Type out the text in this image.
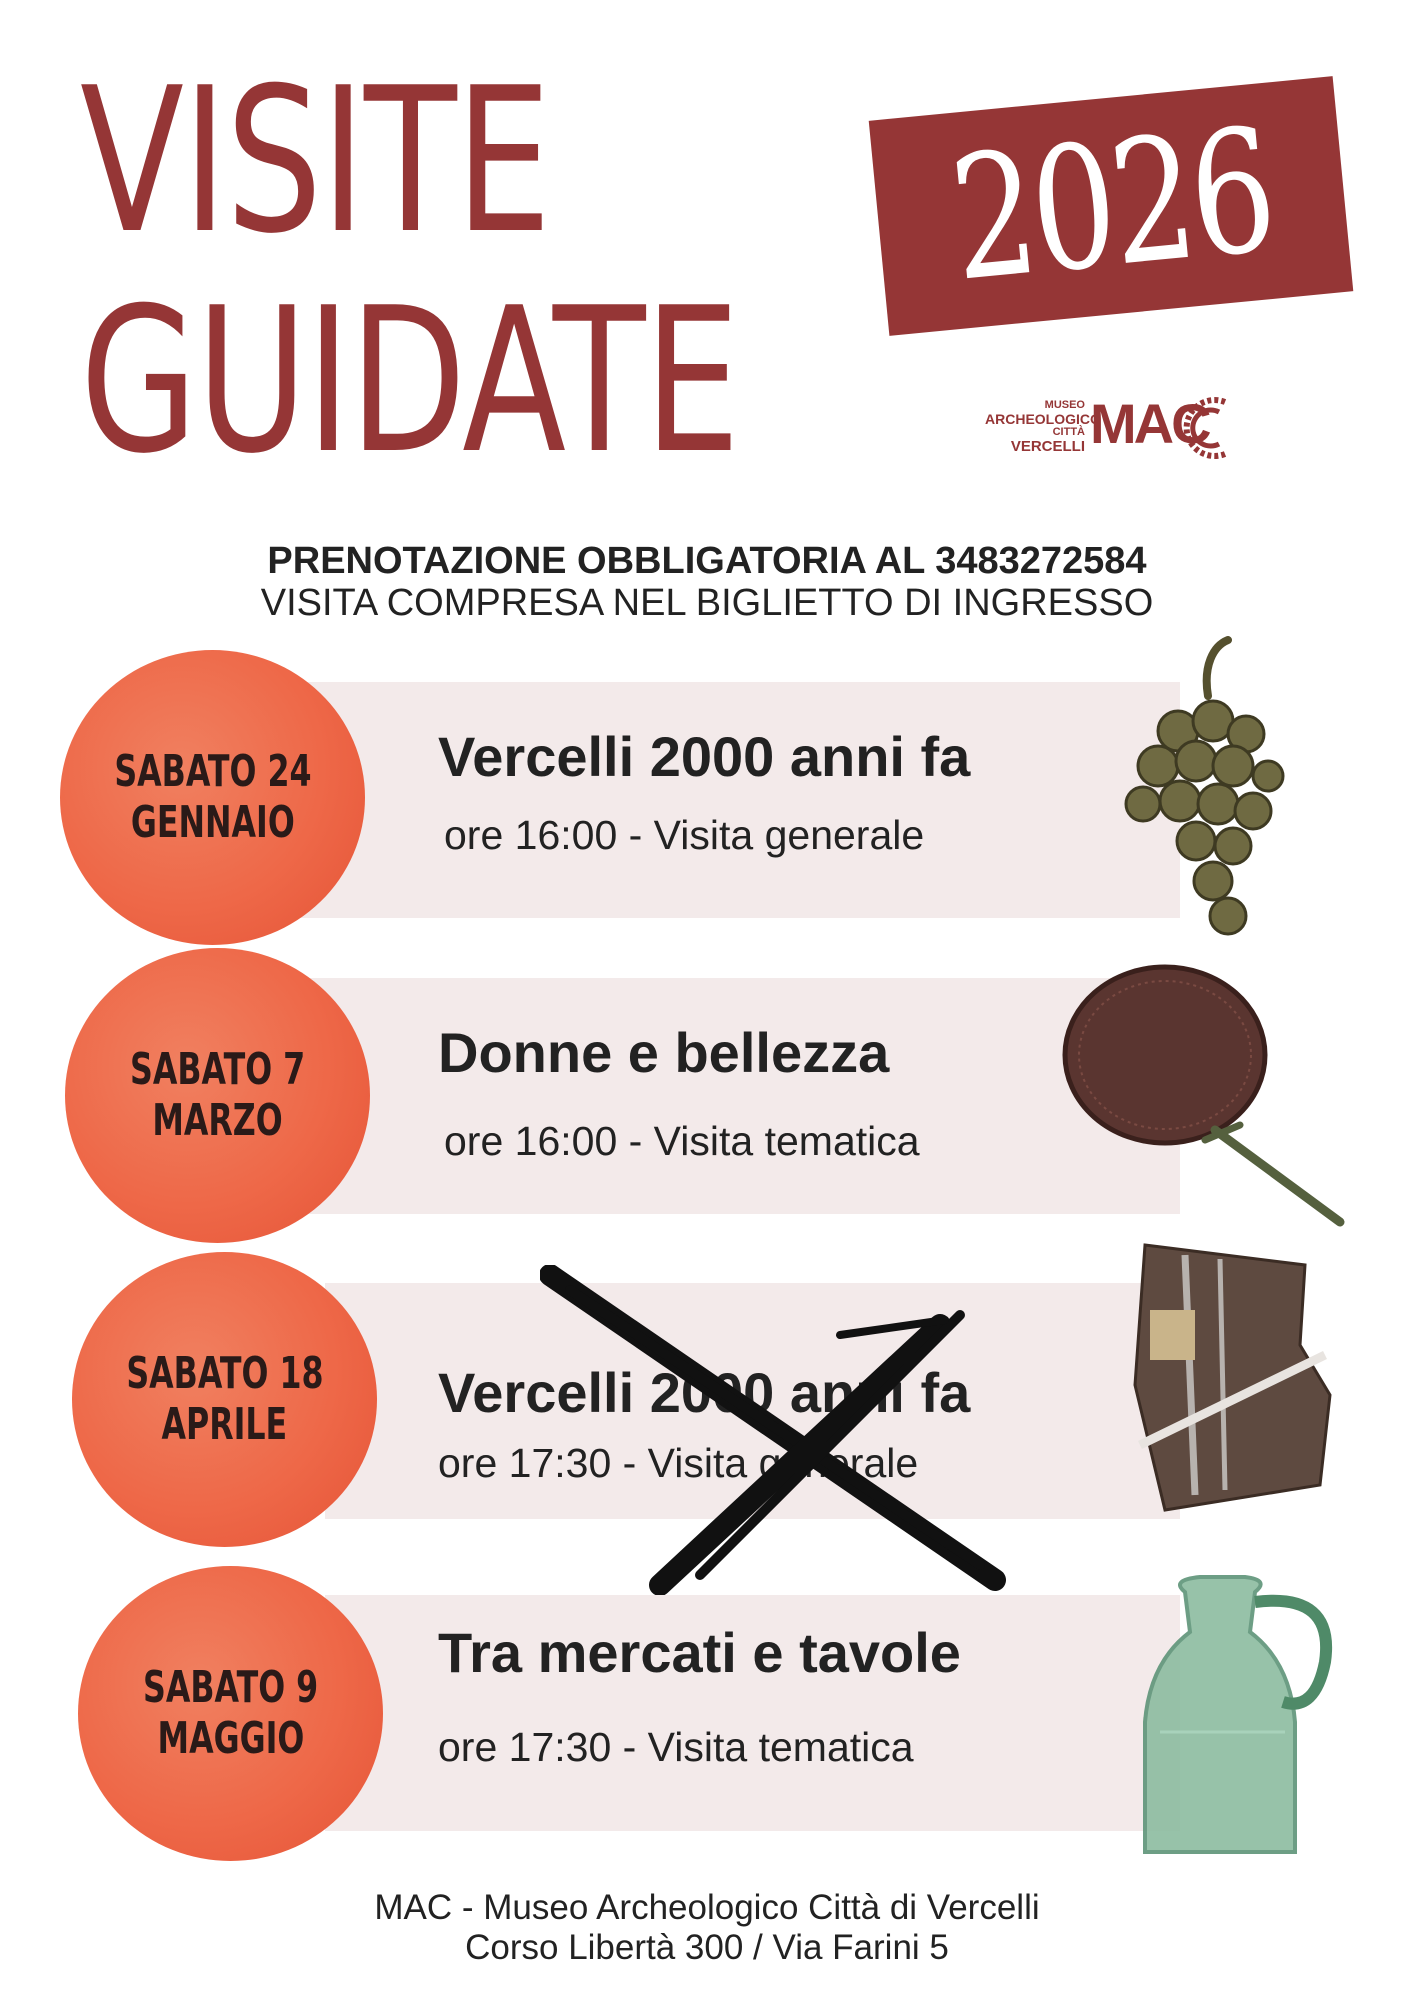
VISITE
GUIDATE
2026
MUSEO
ARCHEOLOGICO
CITTÀ
VERCELLI MAC

PRENOTAZIONE OBBLIGATORIA AL 3483272584

VISITA COMPRESA NEL BIGLIETTO DI INGRESSO

SABATO 24
GENNAIO
Vercelli 2000 anni fa

ore 16:00 - Visita generale

SABATO 7
MARZO
Donne e bellezza

ore 16:00 - Visita tematica

SABATO 18
APRILE	Vercelli 2000 anni fa

ore 17:30 - Visita generale

SABATO 9
MAGGIO
Tra mercati e tavole

ore 17:30 - Visita tematica

MAC - Museo Archeologico Città di Vercelli

Corso Libertà 300 / Via Farini 5
